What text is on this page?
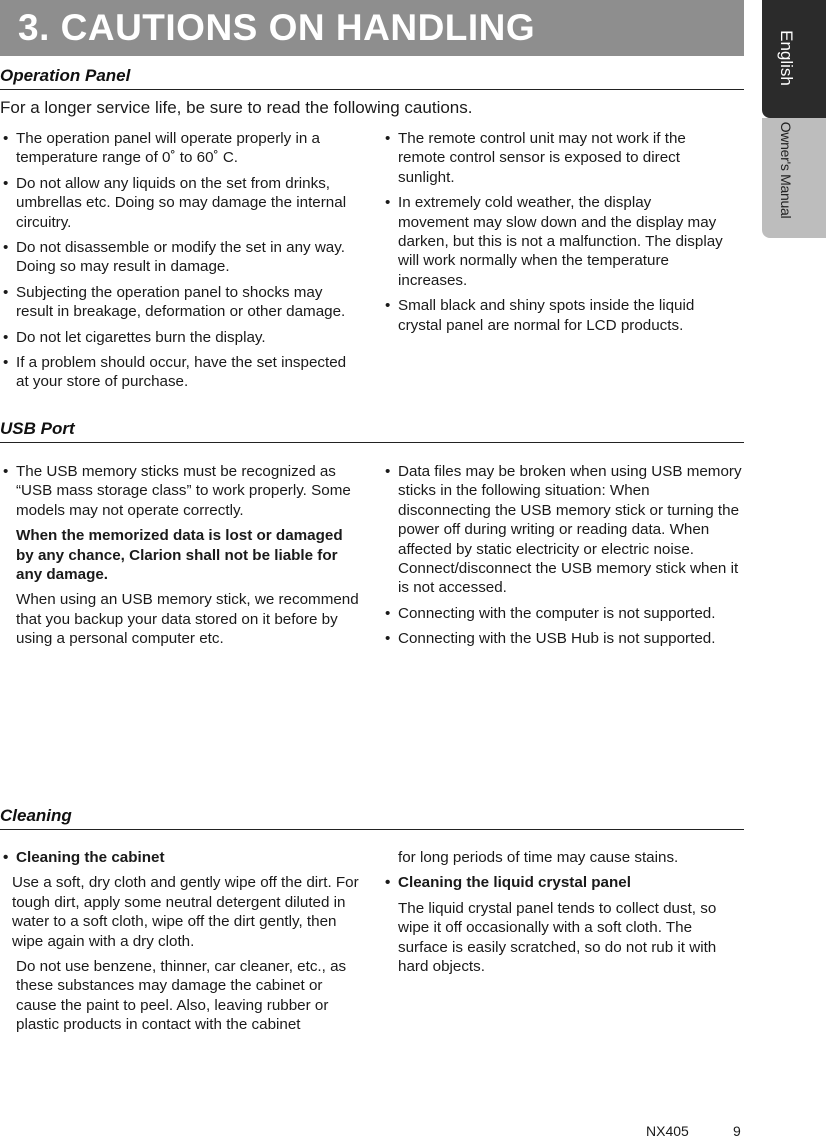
3. CAUTIONS ON HANDLING
English
Owner's Manual
Operation Panel
For a longer service life, be sure to read the following cautions.
• The operation panel will operate properly in a temperature range of 0˚ to 60˚ C.
• Do not allow any liquids on the set from drinks, umbrellas etc. Doing so may damage the internal circuitry.
• Do not disassemble or modify the set in any way. Doing so may result in damage.
• Subjecting the operation panel to shocks may result in breakage, deformation or other damage.
• Do not let cigarettes burn the display.
• If a problem should occur, have the set inspected at your store of purchase.
• The remote control unit may not work if the remote control sensor is exposed to direct sunlight.
• In extremely cold weather, the display movement may slow down and the display may darken, but this is not a malfunction. The display will work normally when the temperature increases.
• Small black and shiny spots inside the liquid crystal panel are normal for LCD products.
USB Port
• The USB memory sticks must be recognized as “USB mass storage class” to work properly. Some models may not operate correctly.

When the memorized data is lost or damaged by any chance, Clarion shall not be liable for any damage.

When using an USB memory stick, we recommend that you backup your data stored on it before by using a personal computer etc.

• Data files may be broken when using USB memory sticks in the following situation: When disconnecting the USB memory stick or turning the power off during writing or reading data. When affected by static electricity or electric noise. Connect/disconnect the USB memory stick when it is not accessed.
• Connecting with the computer is not supported.
• Connecting with the USB Hub is not supported.
Cleaning
• Cleaning the cabinet

Use a soft, dry cloth and gently wipe off the dirt. For tough dirt, apply some neutral detergent diluted in water to a soft cloth, wipe off the dirt gently, then wipe again with a dry cloth.

Do not use benzene, thinner, car cleaner, etc., as these substances may damage the cabinet or cause the paint to peel. Also, leaving rubber or plastic products in contact with the cabinet

for long periods of time may cause stains.

• Cleaning the liquid crystal panel

The liquid crystal panel tends to collect dust, so wipe it off occasionally with a soft cloth. The surface is easily scratched, so do not rub it with hard objects.

NX405	9
